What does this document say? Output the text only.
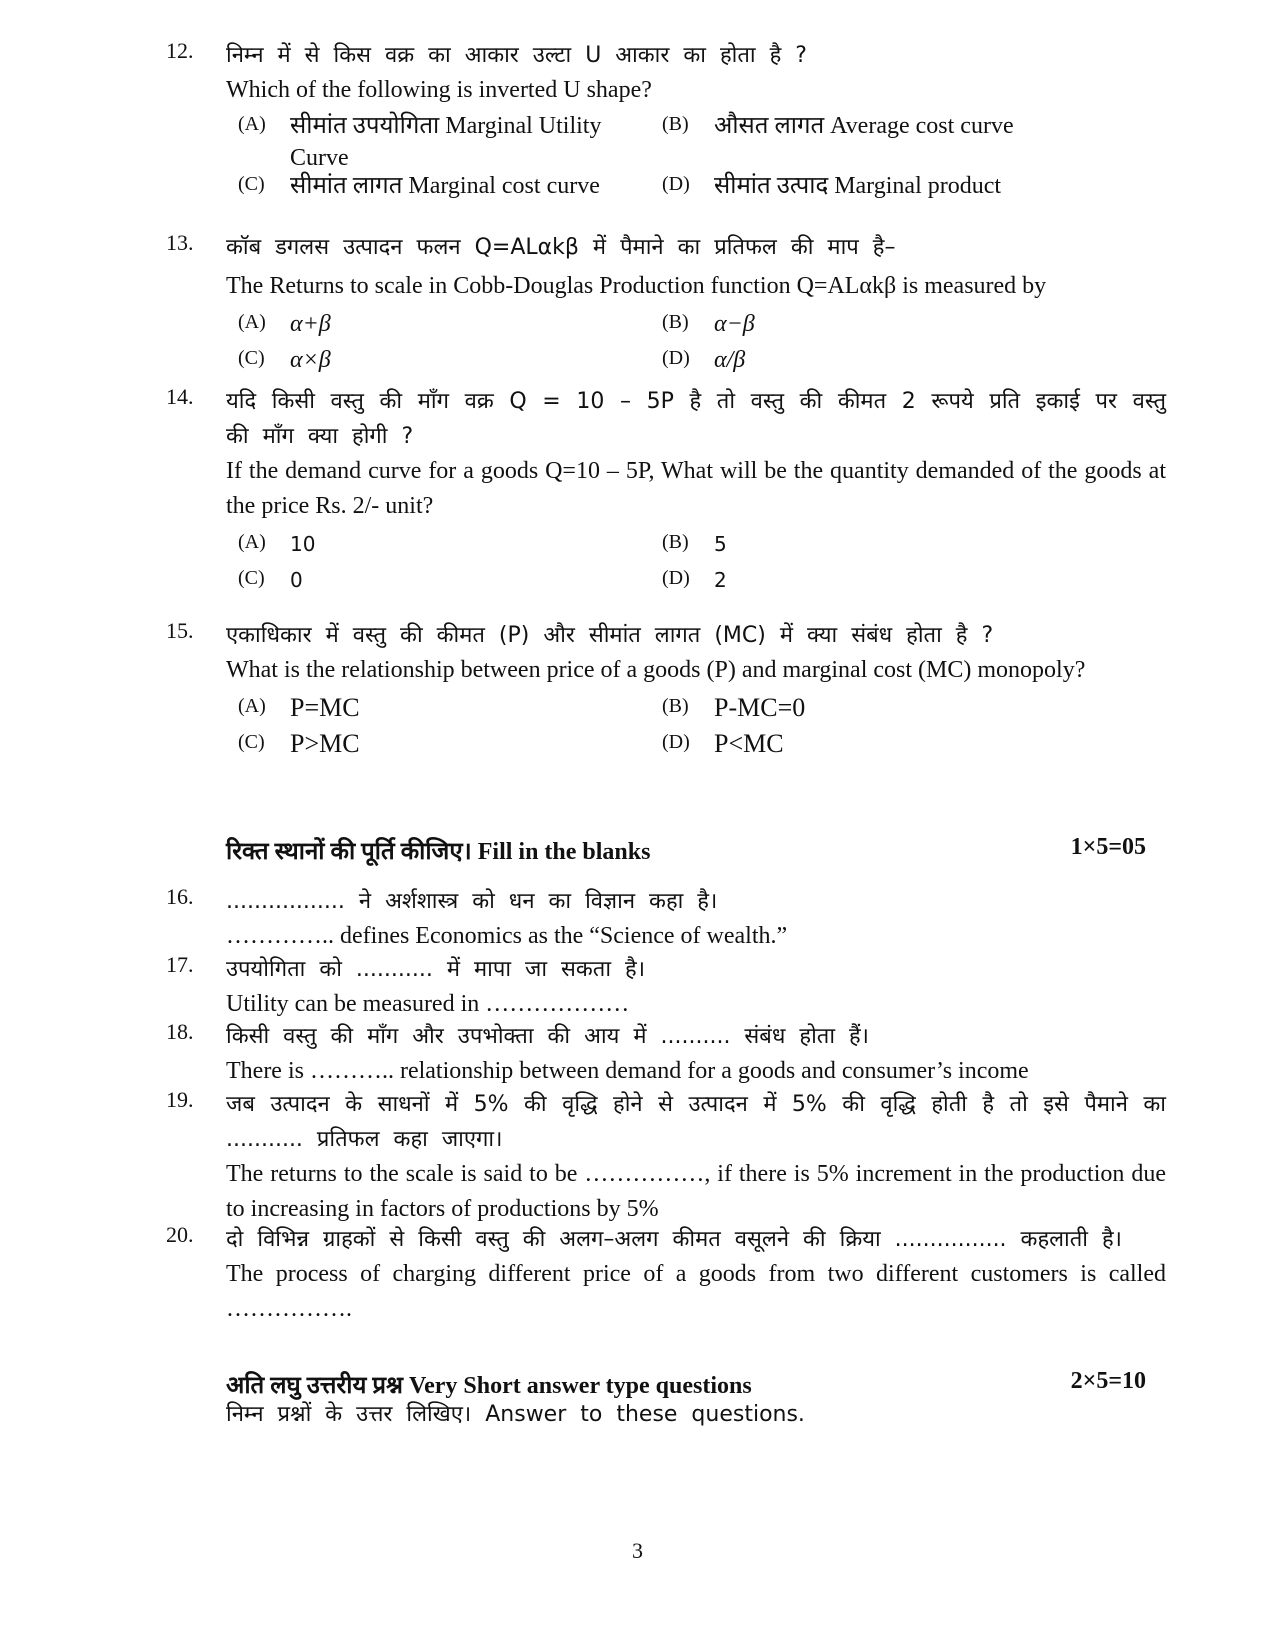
12. निम्न में से किस वक्र का आकार उल्टा U आकार का होता है ?
Which of the following is inverted U shape?
(A) सीमांत उपयोगिता Marginal Utility Curve
(B) औसत लागत Average cost curve
(C) सीमांत लागत Marginal cost curve	(D) सीमांत उत्पाद Marginal product
13. कॉब डगलस उत्पादन फलन Q=ALαkβ में पैमाने का प्रतिफल की माप है–
The Returns to scale in Cobb-Douglas Production function Q=ALαkβ is measured by
(A) α+β	(B) α−β
(C) α×β	(D) α/β
14. यदि किसी वस्तु की माँग वक्र Q = 10 – 5P है तो वस्तु की कीमत 2 रूपये प्रति इकाई पर वस्तु की माँग क्या होगी ?
If the demand curve for a goods Q=10 – 5P, What will be the quantity demanded of the goods at the price Rs. 2/- unit?
(A) 10	(B) 5
(C) 0	(D) 2
15. एकाधिकार में वस्तु की कीमत (P) और सीमांत लागत (MC) में क्या संबंध होता है ?
What is the relationship between price of a goods (P) and marginal cost (MC) monopoly?
(A) P=MC	(B) P-MC=0
(C) P>MC	(D) P<MC
रिक्त स्थानों की पूर्ति कीजिए। Fill in the blanks	1×5=05
16. ................. ने अर्शशास्त्र को धन का विज्ञान कहा है।
………….. defines Economics as the “Science of wealth.”
17. उपयोगिता को ........... में मापा जा सकता है।
Utility can be measured in ………………
18. किसी वस्तु की माँग और उपभोक्ता की आय में .......... संबंध होता हैं।
There is ……….. relationship between demand for a goods and consumer’s income
19. जब उत्पादन के साधनों में 5% की वृद्धि होने से उत्पादन में 5% की वृद्धि होती है तो इसे पैमाने का ........... प्रतिफल कहा जाएगा।
The returns to the scale is said to be ……………, if there is 5% increment in the production due to increasing in factors of productions by 5%
20. दो विभिन्न ग्राहकों से किसी वस्तु की अलग–अलग कीमत वसूलने की क्रिया ................ कहलाती है।
The process of charging different price of a goods from two different customers is called …………….
अति लघु उत्तरीय प्रश्न Very Short answer type questions	2×5=10
निम्न प्रश्नों के उत्तर लिखिए। Answer to these questions.
3
